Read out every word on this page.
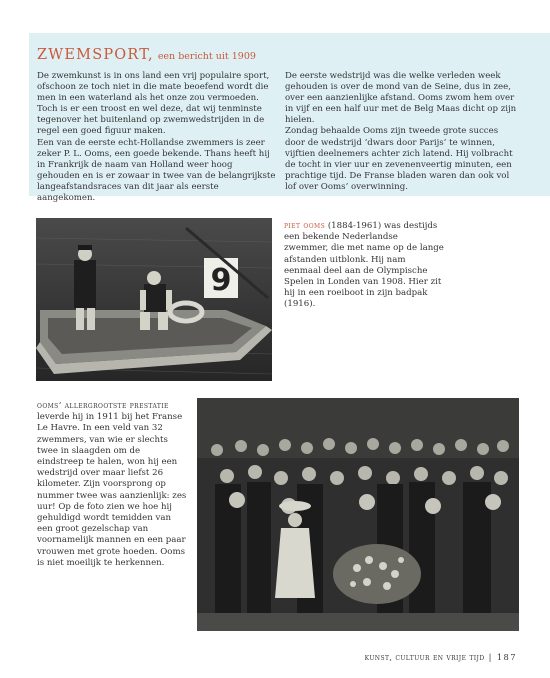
ZWEMSPORT, een bericht uit 1909

De zwemkunst is in ons land een vrij populaire sport, ofschoon ze toch niet in die mate beoefend wordt die men in een waterland als het onze zou vermoeden. Toch is er een troost en wel deze, dat wij tenminste tegenover het buitenland op zwemwedstrijden in de regel een goed figuur maken.

Een van de eerste echt-Hollandse zwemmers is zeer zeker P. L. Ooms, een goede bekende. Thans heeft hij in Frankrijk de naam van Holland weer hoog gehouden en is er zowaar in twee van de belangrijkste langeafstandsraces van dit jaar als eerste aangekomen.

De eerste wedstrijd was die welke verleden week gehouden is over de mond van de Seine, dus in zee, over een aanzienlijke afstand. Ooms zwom hem over in vijf en een half uur met de Belg Maas dicht op zijn hielen.

Zondag behaalde Ooms zijn tweede grote succes door de wedstrijd ‘dwars door Parijs’ te winnen, vijftien deelnemers achter zich latend. Hij volbracht de tocht in vier uur en zevenenveertig minuten, een prachtige tijd. De Franse bladen waren dan ook vol lof over Ooms’ overwinning.

9
piet ooms (1884-1961) was destijds een bekende Nederlandse zwemmer, die met name op de lange afstanden uitblonk. Hij nam eenmaal deel aan de Olympische Spelen in Londen van 1908. Hier zit hij in een roeiboot in zijn badpak (1916).
ooms’ allergrootste prestatie leverde hij in 1911 bij het Franse Le Havre. In een veld van 32 zwemmers, van wie er slechts twee in slaagden om de eindstreep te halen, won hij een wedstrijd over maar liefst 26 kilometer. Zijn voorsprong op nummer twee was aanzienlijk: zes uur! Op de foto zien we hoe hij gehuldigd wordt temidden van een groot gezelschap van voornamelijk mannen en een paar vrouwen met grote hoeden. Ooms is niet moeilijk te herkennen.
kunst, cultuur en vrije tijd | 187
